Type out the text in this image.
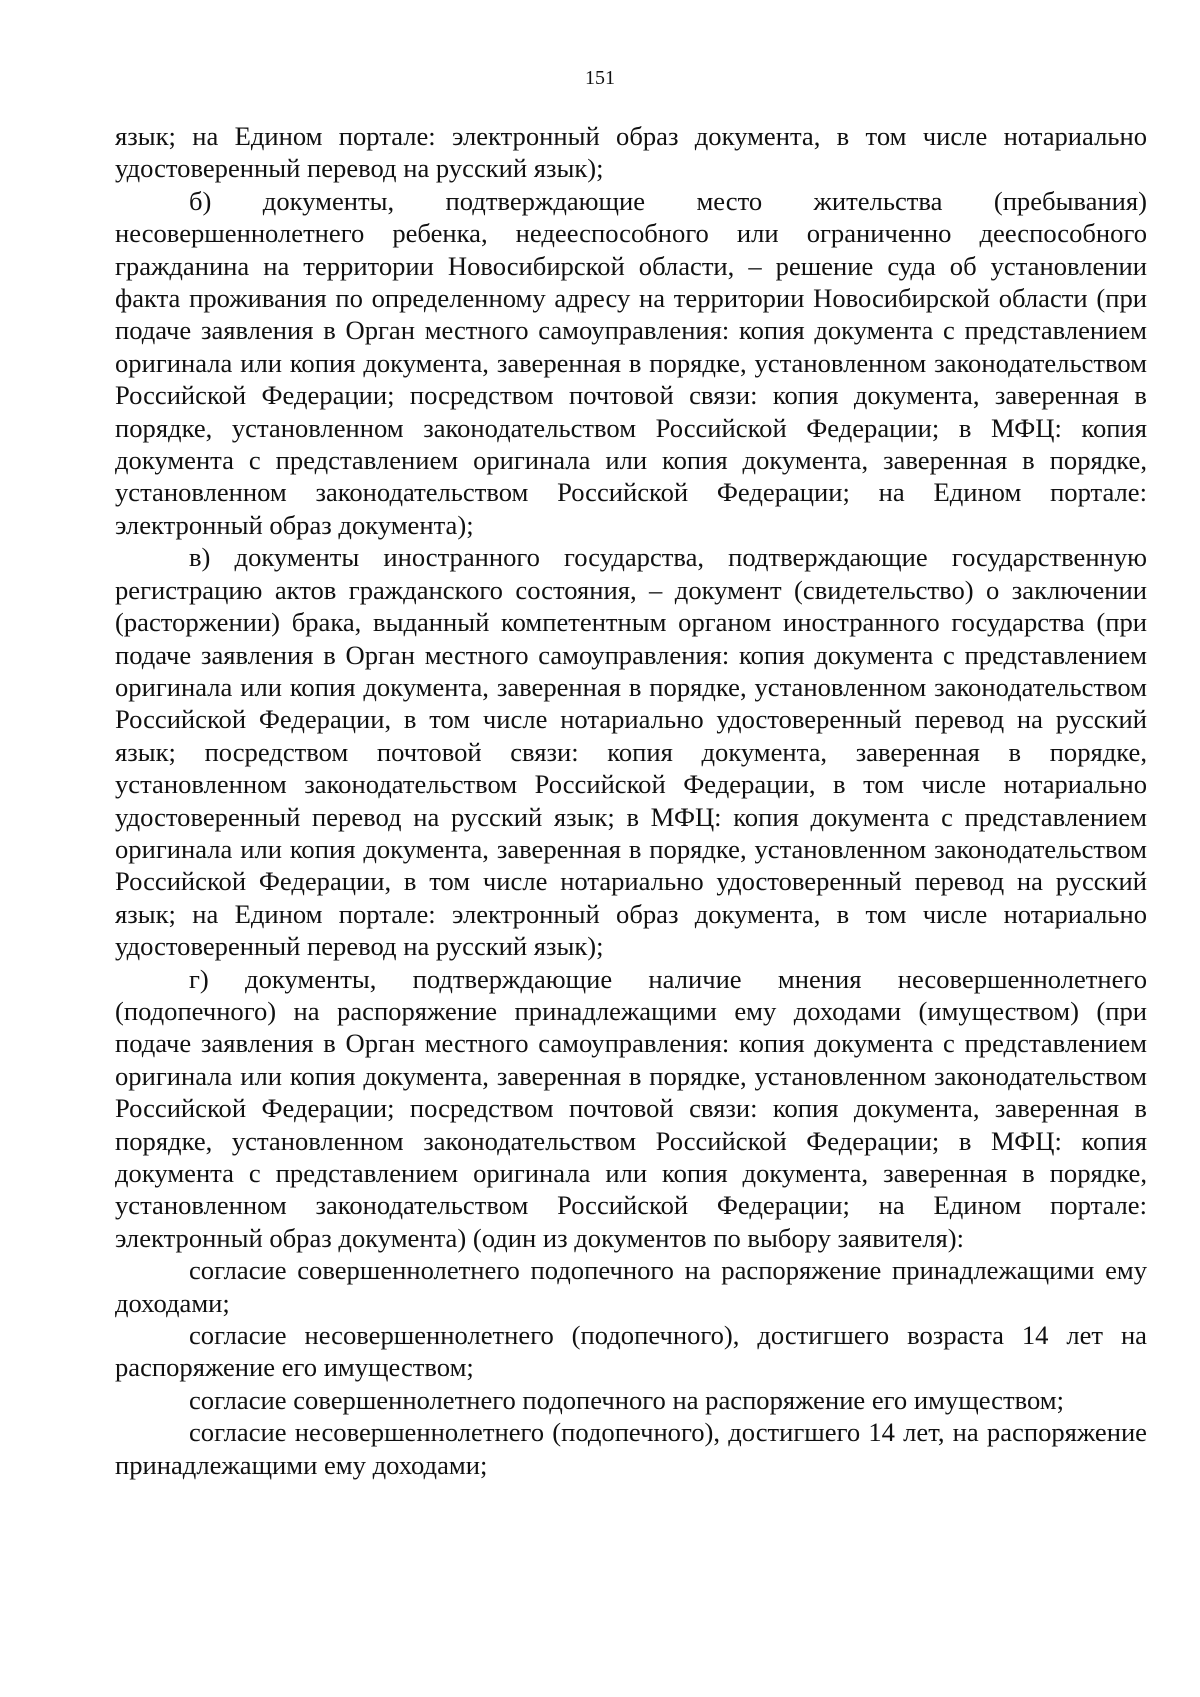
151

язык; на Едином портале: электронный образ документа, в том числе нотариально удостоверенный перевод на русский язык);

б) документы, подтверждающие место жительства (пребывания) несовершеннолетнего ребенка, недееспособного или ограниченно дееспособного гражданина на территории Новосибирской области, – решение суда об установлении факта проживания по определенному адресу на территории Новосибирской области (при подаче заявления в Орган местного самоуправления: копия документа с представлением оригинала или копия документа, заверенная в порядке, установленном законодательством Российской Федерации; посредством почтовой связи: копия документа, заверенная в порядке, установленном законодательством Российской Федерации; в МФЦ: копия документа с представлением оригинала или копия документа, заверенная в порядке, установленном законодательством Российской Федерации; на Едином портале: электронный образ документа);

в) документы иностранного государства, подтверждающие государственную регистрацию актов гражданского состояния, – документ (свидетельство) о заключении (расторжении) брака, выданный компетентным органом иностранного государства (при подаче заявления в Орган местного самоуправления: копия документа с представлением оригинала или копия документа, заверенная в порядке, установленном законодательством Российской Федерации, в том числе нотариально удостоверенный перевод на русский язык; посредством почтовой связи: копия документа, заверенная в порядке, установленном законодательством Российской Федерации, в том числе нотариально удостоверенный перевод на русский язык; в МФЦ: копия документа с представлением оригинала или копия документа, заверенная в порядке, установленном законодательством Российской Федерации, в том числе нотариально удостоверенный перевод на русский язык; на Едином портале: электронный образ документа, в том числе нотариально удостоверенный перевод на русский язык);

г) документы, подтверждающие наличие мнения несовершеннолетнего (подопечного) на распоряжение принадлежащими ему доходами (имуществом) (при подаче заявления в Орган местного самоуправления: копия документа с представлением оригинала или копия документа, заверенная в порядке, установленном законодательством Российской Федерации; посредством почтовой связи: копия документа, заверенная в порядке, установленном законодательством Российской Федерации; в МФЦ: копия документа с представлением оригинала или копия документа, заверенная в порядке, установленном законодательством Российской Федерации; на Едином портале: электронный образ документа) (один из документов по выбору заявителя):

согласие совершеннолетнего подопечного на распоряжение принадлежащими ему доходами;

согласие несовершеннолетнего (подопечного), достигшего возраста 14 лет на распоряжение его имуществом;

согласие совершеннолетнего подопечного на распоряжение его имуществом;

согласие несовершеннолетнего (подопечного), достигшего 14 лет, на распоряжение принадлежащими ему доходами;
